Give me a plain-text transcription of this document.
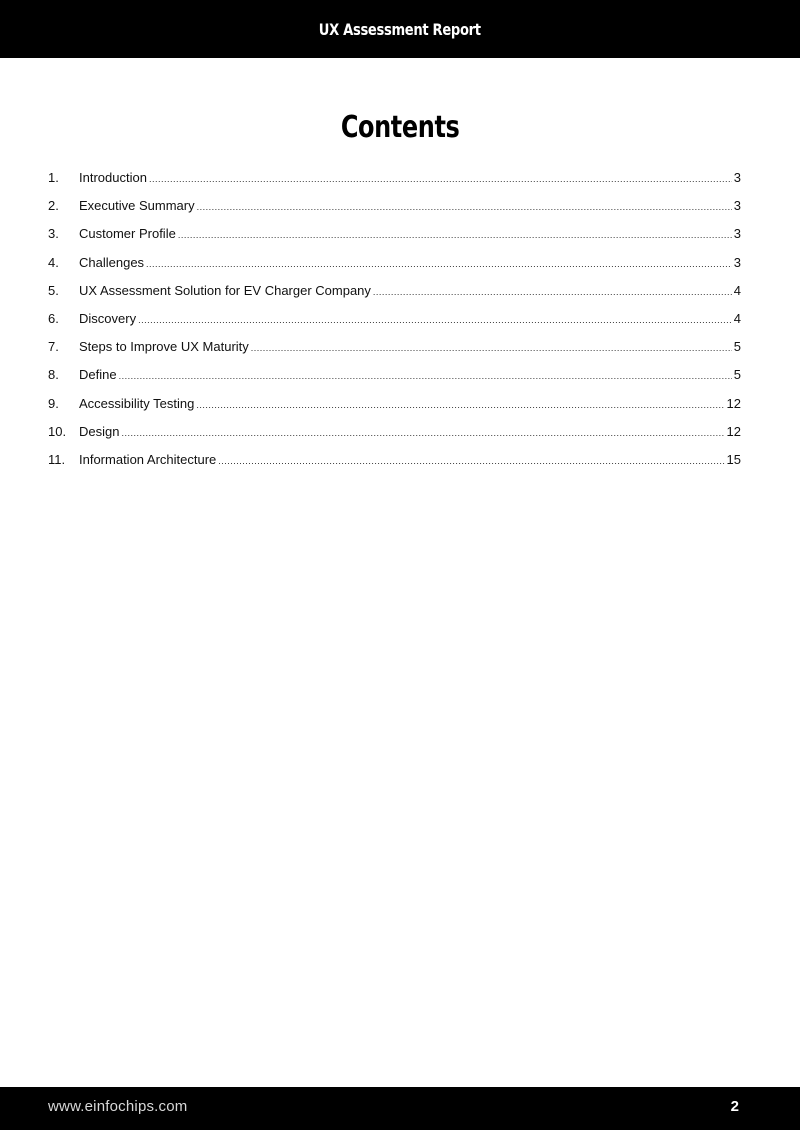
UX Assessment Report
Contents
1.	Introduction .....	3
2.	Executive Summary .....	3
3.	Customer Profile .....	3
4.	Challenges .....	3
5.	UX Assessment Solution for EV Charger Company .....	4
6.	Discovery .....	4
7.	Steps to Improve UX Maturity .....	5
8.	Define .....	5
9.	Accessibility Testing .....	12
10. Design .....	12
11.	Information Architecture .....	15
www.einfochips.com	2
